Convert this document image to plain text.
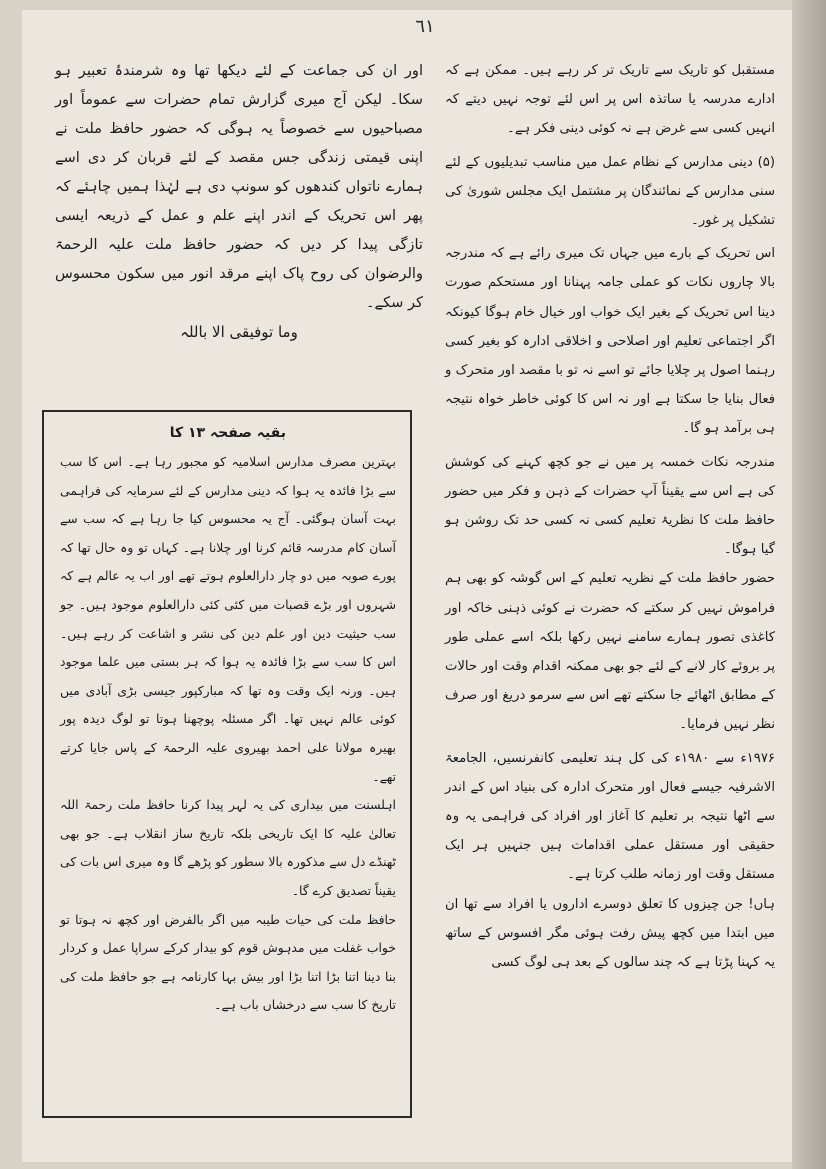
٦١

اور ان کی جماعت کے لئے دیکھا تھا وہ شرمندۂ تعبیر ہو سکا۔ لیکن آج میری گزارش تمام حضرات سے عموماً اور مصباحیوں سے خصوصاً یہ ہوگی کہ حضور حافظ ملت نے اپنی قیمتی زندگی جس مقصد کے لئے قربان کر دی اسے ہمارے ناتواں کندھوں کو سونپ دی ہے لہٰذا ہمیں چاہئے کہ پھر اس تحریک کے اندر اپنے علم و عمل کے ذریعہ ایسی تازگی پیدا کر دیں کہ حضور حافظ ملت علیہ الرحمۃ والرضوان کی روح پاک اپنے مرقد انور میں سکون محسوس کر سکے۔

وما توفیقی الا باللہ

بقیہ صفحہ ۱۳ کا

بہترین مصرف مدارس اسلامیہ کو مجبور رہا ہے۔ اس کا سب سے بڑا فائدہ یہ ہوا کہ دینی مدارس کے لئے سرمایہ کی فراہمی بہت آسان ہوگئی۔ آج یہ محسوس کیا جا رہا ہے کہ سب سے آسان کام مدرسہ قائم کرنا اور چلانا ہے۔ کہاں تو وہ حال تھا کہ پورے صوبہ میں دو چار دارالعلوم ہوتے تھے اور اب یہ عالم ہے کہ شہروں اور بڑے قصبات میں کئی کئی دارالعلوم موجود ہیں۔ جو سب حیثیت دین اور علم دین کی نشر و اشاعت کر رہے ہیں۔ اس کا سب سے بڑا فائدہ یہ ہوا کہ ہر بستی میں علما موجود ہیں۔ ورنہ ایک وقت وہ تھا کہ مبارکپور جیسی بڑی آبادی میں کوئی عالم نہیں تھا۔ اگر مسئلہ پوچھنا ہوتا تو لوگ دیدہ پور بھیرہ مولانا علی احمد بھیروی علیہ الرحمۃ کے پاس جایا کرتے تھے۔

اہلسنت میں بیداری کی یہ لہر پیدا کرنا حافظ ملت رحمۃ اللہ تعالیٰ علیہ کا ایک تاریخی بلکہ تاریخ ساز انقلاب ہے۔ جو بھی ٹھنڈے دل سے مذکورہ بالا سطور کو پڑھے گا وہ میری اس بات کی یقیناً تصدیق کرے گا۔

حافظ ملت کی حیات طیبہ میں اگر بالفرض اور کچھ نہ ہوتا تو خواب غفلت میں مدہوش قوم کو بیدار کرکے سراپا عمل و کردار بنا دینا اتنا بڑا اتنا بڑا اور بیش بہا کارنامہ ہے جو حافظ ملت کی تاریخ کا سب سے درخشاں باب ہے۔

مستقبل کو تاریک سے تاریک تر کر رہے ہیں۔ ممکن ہے کہ ادارے مدرسہ یا ساتذہ اس پر اس لئے توجہ نہیں دیتے کہ انہیں کسی سے غرض ہے نہ کوئی دینی فکر ہے۔

(۵) دینی مدارس کے نظام عمل میں مناسب تبدیلیوں کے لئے سنی مدارس کے نمائندگان پر مشتمل ایک مجلس شوریٰ کی تشکیل پر غور۔

اس تحریک کے بارے میں جہاں تک میری رائے ہے کہ مندرجہ بالا چاروں نکات کو عملی جامہ پہنانا اور مستحکم صورت دینا اس تحریک کے بغیر ایک خواب اور خیال خام ہوگا کیونکہ اگر اجتماعی تعلیم اور اصلاحی و اخلاقی ادارہ کو بغیر کسی رہنما اصول پر چلایا جائے تو اسے نہ تو با مقصد اور متحرک و فعال بنایا جا سکتا ہے اور نہ اس کا کوئی خاطر خواہ نتیجہ ہی برآمد ہو گا۔

مندرجہ نکات خمسہ پر میں نے جو کچھ کہنے کی کوشش کی ہے اس سے یقیناً آپ حضرات کے ذہن و فکر میں حضور حافظ ملت کا نظریۂ تعلیم کسی نہ کسی حد تک روشن ہو گیا ہوگا۔

حضور حافظ ملت کے نظریہ تعلیم کے اس گوشہ کو بھی ہم فراموش نہیں کر سکتے کہ حضرت نے کوئی ذہنی خاکہ اور کاغذی تصور ہمارے سامنے نہیں رکھا بلکہ اسے عملی طور پر بروئے کار لانے کے لئے جو بھی ممکنہ اقدام وقت اور حالات کے مطابق اٹھائے جا سکتے تھے اس سے سرمو دریغ اور صرف نظر نہیں فرمایا۔

۱۹۷۶ء سے ۱۹۸۰ء کی کل ہند تعلیمی کانفرنسیں، الجامعۃ الاشرفیہ جیسے فعال اور متحرک ادارہ کی بنیاد اس کے اندر سے اٹھا نتیجہ بر تعلیم کا آغاز اور افراد کی فراہمی یہ وہ حقیقی اور مستقل عملی اقدامات ہیں جنہیں ہر ایک مستقل وقت اور زمانہ طلب کرتا ہے۔

ہاں! جن چیزوں کا تعلق دوسرے اداروں یا افراد سے تھا ان میں ابتدا میں کچھ پیش رفت ہوئی مگر افسوس کے ساتھ یہ کہنا پڑتا ہے کہ چند سالوں کے بعد ہی لوگ کسی
